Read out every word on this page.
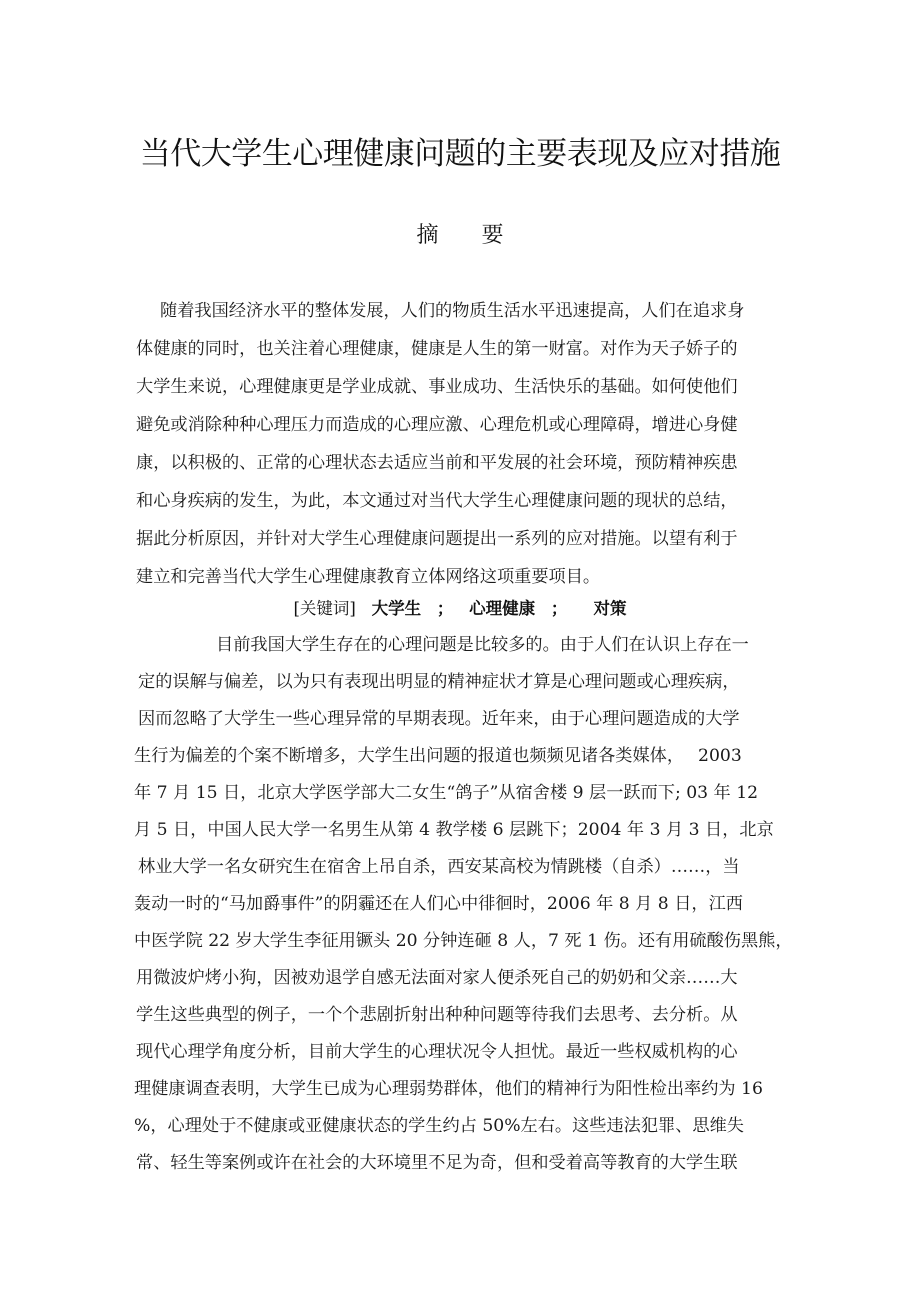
当代大学生心理健康问题的主要表现及应对措施
摘 要
随着我国经济水平的整体发展，人们的物质生活水平迅速提高，人们在追求身
体健康的同时，也关注着心理健康，健康是人生的第一财富。对作为天子娇子的
大学生来说，心理健康更是学业成就、事业成功、生活快乐的基础。如何使他们
避免或消除种种心理压力而造成的心理应激、心理危机或心理障碍，增进心身健
康，以积极的、正常的心理状态去适应当前和平发展的社会环境，预防精神疾患
和心身疾病的发生，为此，本文通过对当代大学生心理健康问题的现状的总结，
据此分析原因，并针对大学生心理健康问题提出一系列的应对措施。以望有利于
建立和完善当代大学生心理健康教育立体网络这项重要项目。
[关键词] 大学生 ； 心理健康 ； 对策
目前我国大学生存在的心理问题是比较多的。由于人们在认识上存在一
定的误解与偏差，以为只有表现出明显的精神症状才算是心理问题或心理疾病，
因而忽略了大学生一些心理异常的早期表现。近年来，由于心理问题造成的大学
生行为偏差的个案不断增多，大学生出问题的报道也频频见诸各类媒体，　 2003
年 7 月 15 日，北京大学医学部大二女生“鸽子”从宿舍楼 9 层一跃而下; 03 年 12
月 5 日，中国人民大学一名男生从第 4 教学楼 6 层跳下；2004 年 3 月 3 日，北京
林业大学一名女研究生在宿舍上吊自杀，西安某高校为情跳楼（自杀）……，当
轰动一时的“马加爵事件”的阴霾还在人们心中徘徊时，2006 年 8 月 8 日，江西
中医学院 22 岁大学生李征用镢头 20 分钟连砸 8 人，7 死 1 伤。还有用硫酸伤黑熊，
用微波炉烤小狗，因被劝退学自感无法面对家人便杀死自己的奶奶和父亲……大
学生这些典型的例子，一个个悲剧折射出种种问题等待我们去思考、去分析。从
现代心理学角度分析，目前大学生的心理状况令人担忧。最近一些权威机构的心
理健康调查表明，大学生已成为心理弱势群体，他们的精神行为阳性检出率约为 16
%，心理处于不健康或亚健康状态的学生约占 50%左右。这些违法犯罪、思维失
常、轻生等案例或许在社会的大环境里不足为奇，但和受着高等教育的大学生联
